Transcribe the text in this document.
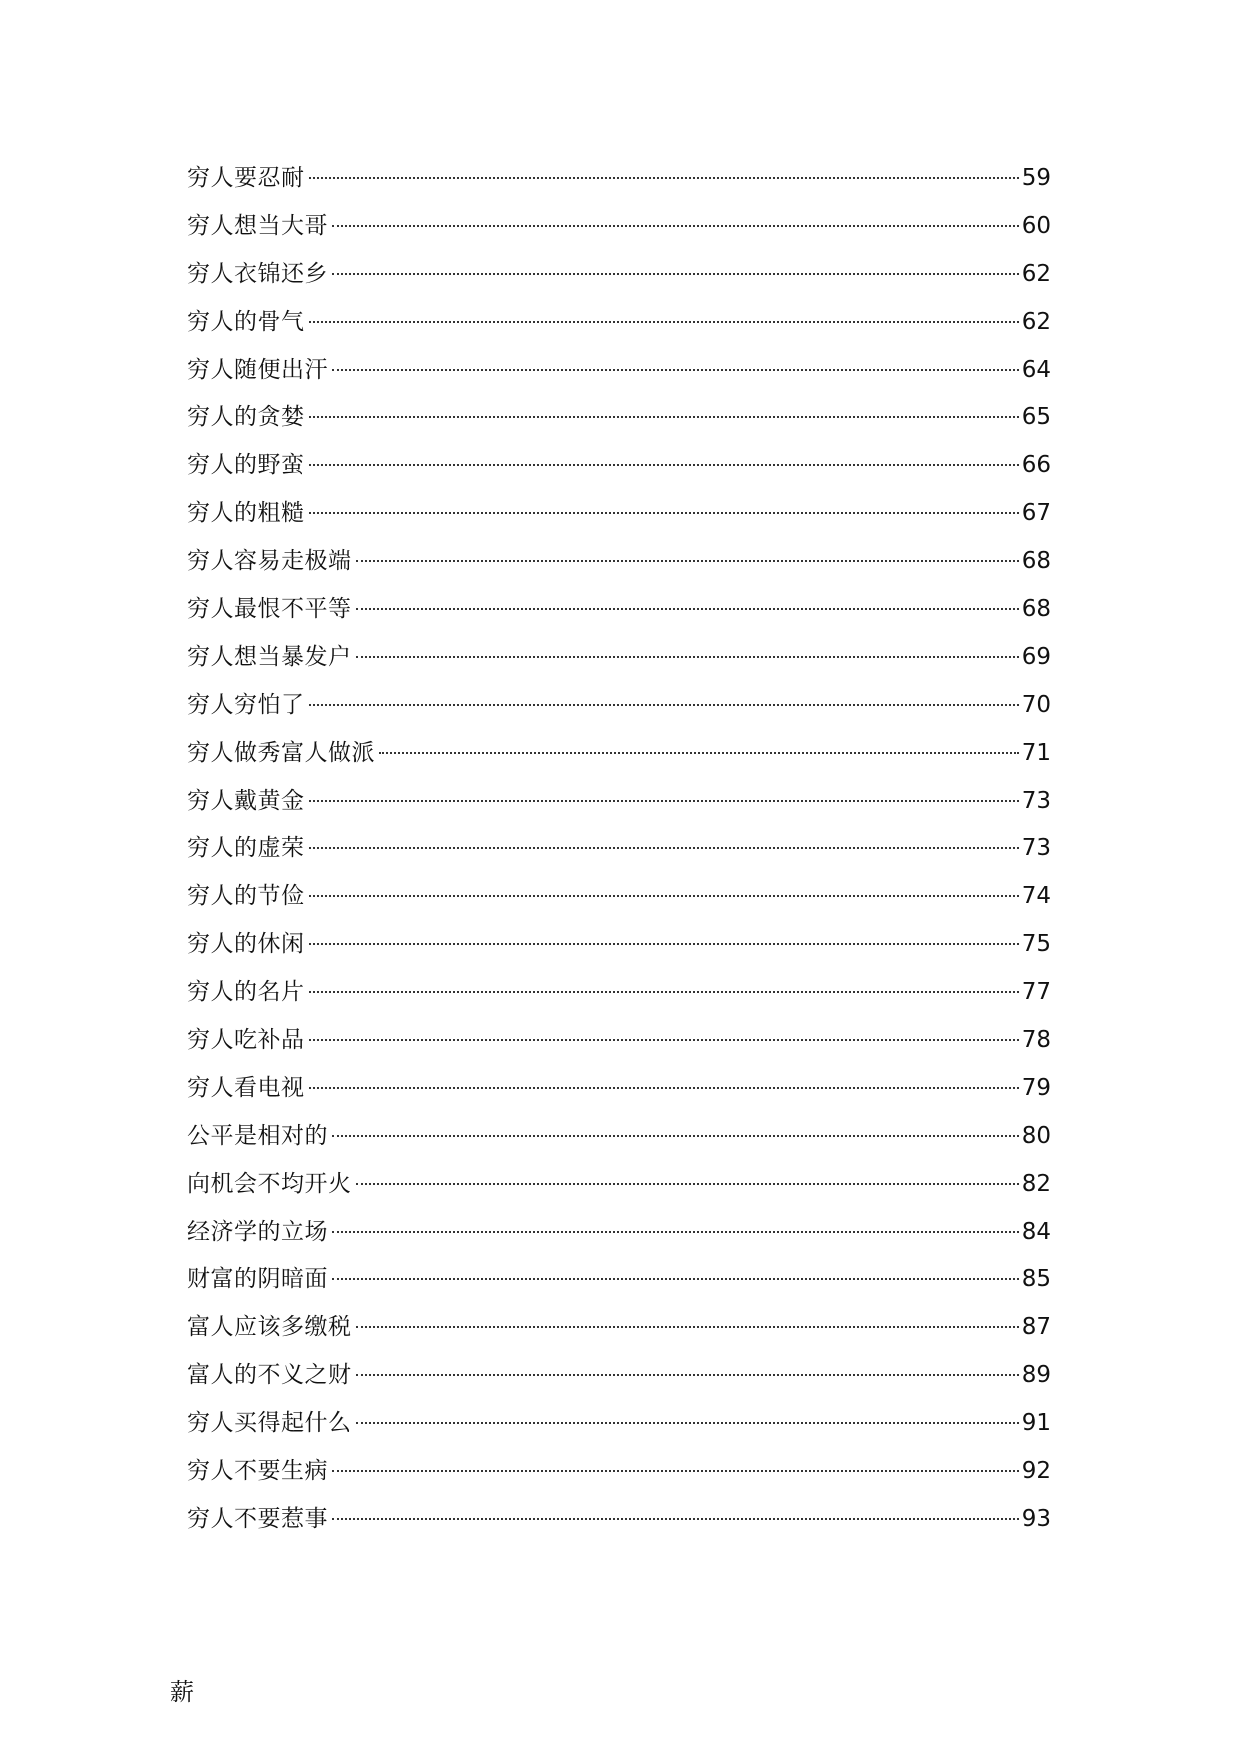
穷人要忍耐	59
穷人想当大哥	60
穷人衣锦还乡	62
穷人的骨气	62
穷人随便出汗	64
穷人的贪婪	65
穷人的野蛮	66
穷人的粗糙	67
穷人容易走极端	68
穷人最恨不平等	68
穷人想当暴发户	69
穷人穷怕了	70
穷人做秀富人做派	71
穷人戴黄金	73
穷人的虚荣	73
穷人的节俭	74
穷人的休闲	75
穷人的名片	77
穷人吃补品	78
穷人看电视	79
公平是相对的	80
向机会不均开火	82
经济学的立场	84
财富的阴暗面	85
富人应该多缴税	87
富人的不义之财	89
穷人买得起什么	91
穷人不要生病	92
穷人不要惹事	93
薪
